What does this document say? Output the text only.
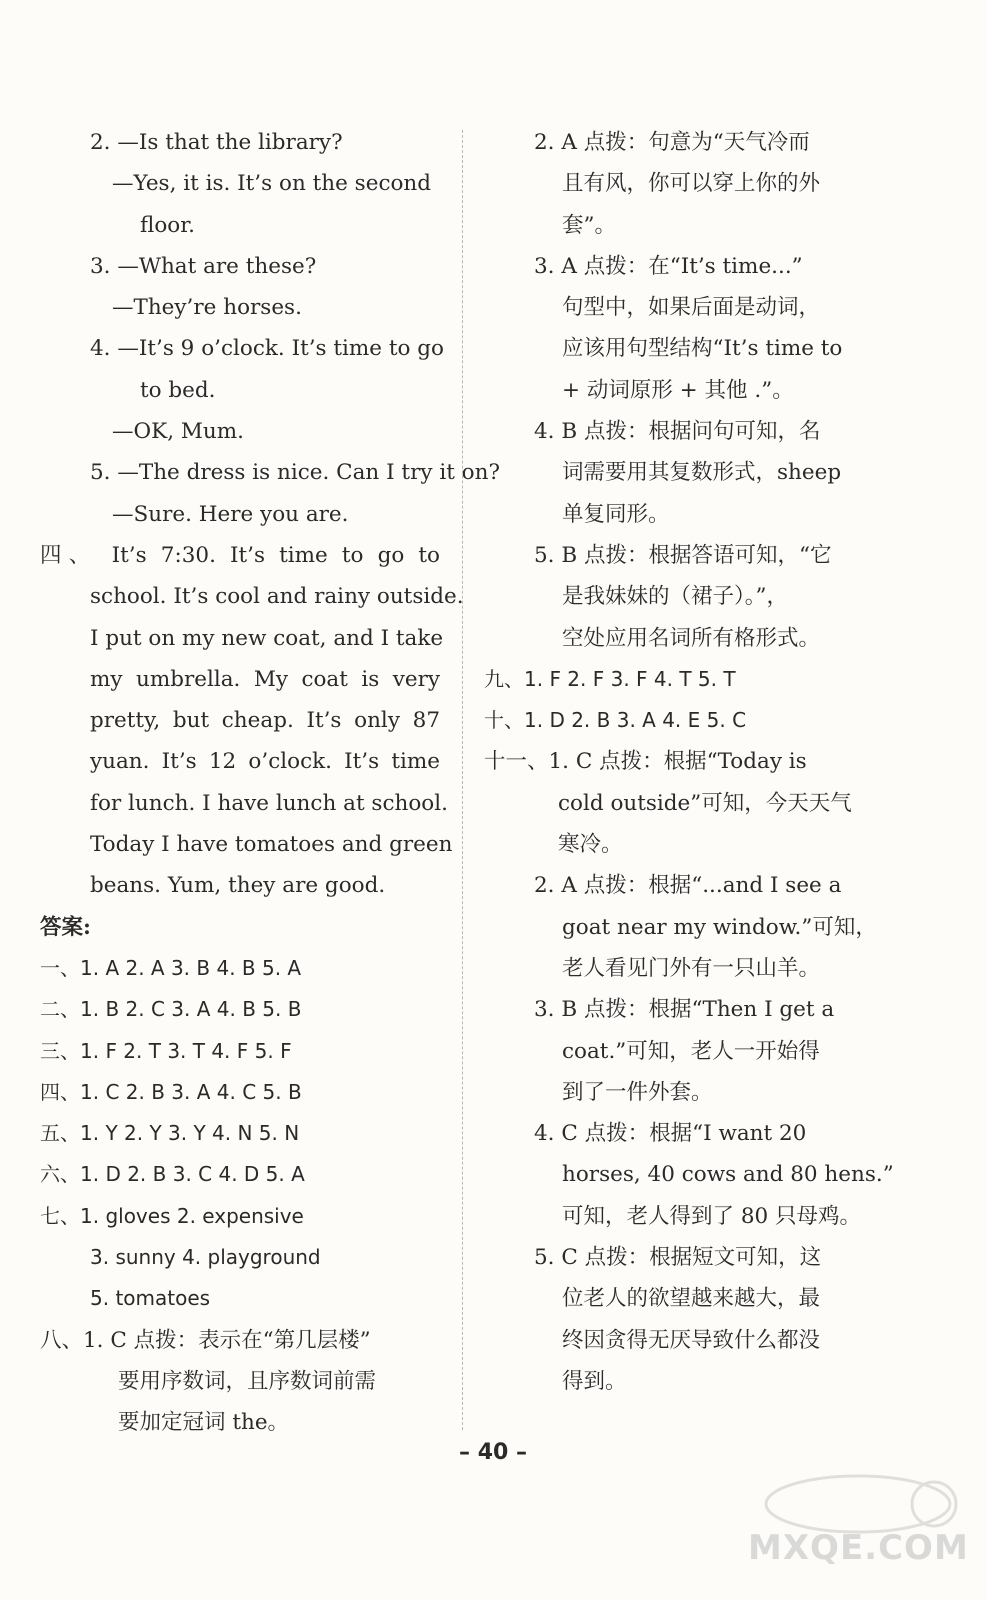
2. —Is that the library?
—Yes, it is. It’s on the second
floor.
3. —What are these?
—They’re horses.
4. —It’s 9 o’clock. It’s time to go
to bed.
—OK, Mum.
5. —The dress is nice. Can I try it on?
—Sure. Here you are.
四、 It’s 7:30. It’s time to go to
school. It’s cool and rainy outside.
I put on my new coat, and I take
my umbrella. My coat is very
pretty, but cheap. It’s only 87
yuan. It’s 12 o’clock. It’s time
for lunch. I have lunch at school.
Today I have tomatoes and green
beans. Yum, they are good.
答案:
一、1. A 2. A 3. B 4. B 5. A
二、1. B 2. C 3. A 4. B 5. B
三、1. F 2. T 3. T 4. F 5. F
四、1. C 2. B 3. A 4. C 5. B
五、1. Y 2. Y 3. Y 4. N 5. N
六、1. D 2. B 3. C 4. D 5. A
七、1. gloves 2. expensive
3. sunny 4. playground
5. tomatoes
八、1. C 点拨：表示在“第几层楼”
要用序数词，且序数词前需
要加定冠词 the。
2. A 点拨：句意为“天气冷而
且有风，你可以穿上你的外
套”。
3. A 点拨：在“It’s time...”
句型中，如果后面是动词，
应该用句型结构“It’s time to
+ 动词原形 + 其他 .”。
4. B 点拨：根据问句可知，名
词需要用其复数形式，sheep
单复同形。
5. B 点拨：根据答语可知，“它
是我妹妹的（裙子）。”，
空处应用名词所有格形式。
九、1. F 2. F 3. F 4. T 5. T
十、1. D 2. B 3. A 4. E 5. C
十一、1. C 点拨：根据“Today is
cold outside”可知，今天天气
寒冷。
2. A 点拨：根据“...and I see a
goat near my window.”可知，
老人看见门外有一只山羊。
3. B 点拨：根据“Then I get a
coat.”可知，老人一开始得
到了一件外套。
4. C 点拨：根据“I want 20
horses, 40 cows and 80 hens.”
可知，老人得到了 80 只母鸡。
5. C 点拨：根据短文可知，这
位老人的欲望越来越大，最
终因贪得无厌导致什么都没
得到。
– 40 –
MXQE.COM
